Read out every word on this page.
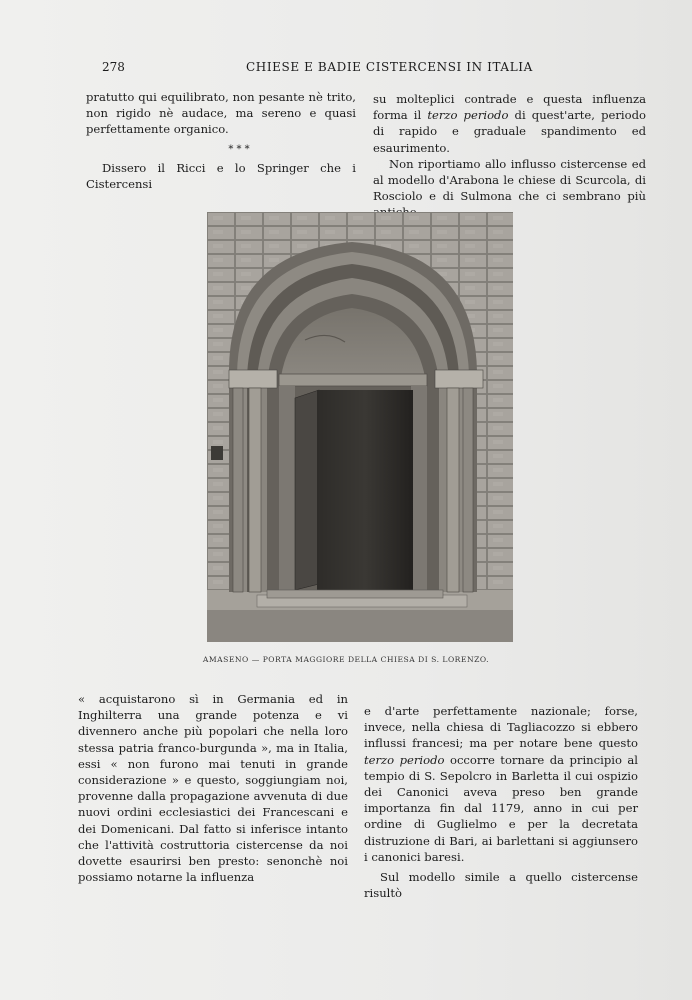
278	CHIESE E BADIE CISTERCENSI IN ITALIA

pratutto qui equilibrato, non pesante nè trito, non rigido nè audace, ma sereno e quasi perfettamente organico.

* * *

Dissero il Ricci e lo Springer che i Cistercensi

su molteplici contrade e questa influenza forma il terzo periodo di quest'arte, periodo di rapido e graduale spandimento ed esaurimento.

Non riportiamo allo influsso cistercense ed al modello d'Arabona le chiese di Scurcola, di Rosciolo e di Sulmona che ci sembrano più

AMASENO — PORTA MAGGIORE DELLA CHIESA DI S. LORENZO.

« acquistarono sì in Germania ed in Inghilterra una grande potenza e vi divennero anche più popolari che nella loro stessa patria franco-burgunda », ma in Italia, essi « non furono mai tenuti in grande considerazione » e questo, soggiungiam noi, provenne dalla propagazione avvenuta di due nuovi ordini ecclesiastici dei Francescani e dei Domenicani. Dal fatto si inferisce intanto che l'attività costruttoria cistercense da noi dovette esaurirsi ben presto: senonchè noi possiamo notarne la influenza

e d'arte perfettamente nazionale; forse, invece, nella chiesa di Tagliacozzo si ebbero influssi francesi; ma per notare bene questo terzo periodo occorre tornare da principio al tempio di S. Sepolcro in Barletta il cui ospizio dei Canonici aveva preso ben grande importanza fin dal 1179, anno in cui per ordine di Guglielmo e per la decretata distruzione di Bari, ai barlettani si aggiunsero i canonici baresi.

Sul modello simile a quello cistercense risultò
